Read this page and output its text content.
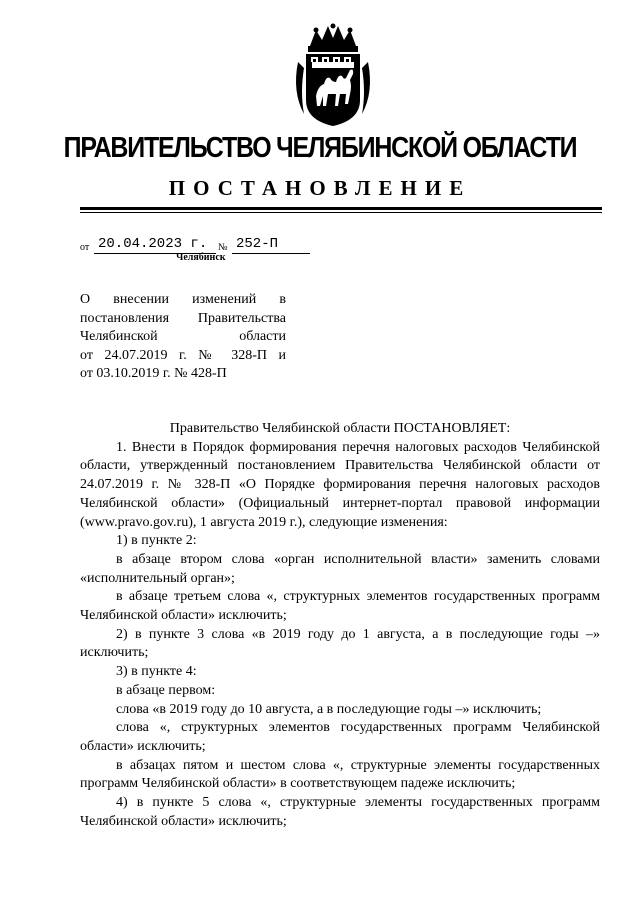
ПРАВИТЕЛЬСТВО ЧЕЛЯБИНСКОЙ ОБЛАСТИ
ПОСТАНОВЛЕНИЕ
от 20.04.2023 г.	№ 252-П
Челябинск
О внесении изменений в
постановления Правительства
Челябинской области
от 24.07.2019 г. № 328-П и
от 03.10.2019 г. № 428-П

Правительство Челябинской области ПОСТАНОВЛЯЕТ:

1. Внести в Порядок формирования перечня налоговых расходов Челябинской области, утвержденный постановлением Правительства Челябинской области от 24.07.2019 г. № 328-П «О Порядке формирования перечня налоговых расходов Челябинской области» (Официальный интернет-портал правовой информации (www.pravo.gov.ru), 1 августа 2019 г.), следующие изменения:

1) в пункте 2:

в абзаце втором слова «орган исполнительной власти» заменить словами «исполнительный орган»;

в абзаце третьем слова «, структурных элементов государственных программ Челябинской области» исключить;

2) в пункте 3 слова «в 2019 году до 1 августа, а в последующие годы –» исключить;

3) в пункте 4:

в абзаце первом:

слова «в 2019 году до 10 августа, а в последующие годы –» исключить;

слова «, структурных элементов государственных программ Челябинской области» исключить;

в абзацах пятом и шестом слова «, структурные элементы государственных программ Челябинской области» в соответствующем падеже исключить;

4) в пункте 5 слова «, структурные элементы государственных программ Челябинской области» исключить;
